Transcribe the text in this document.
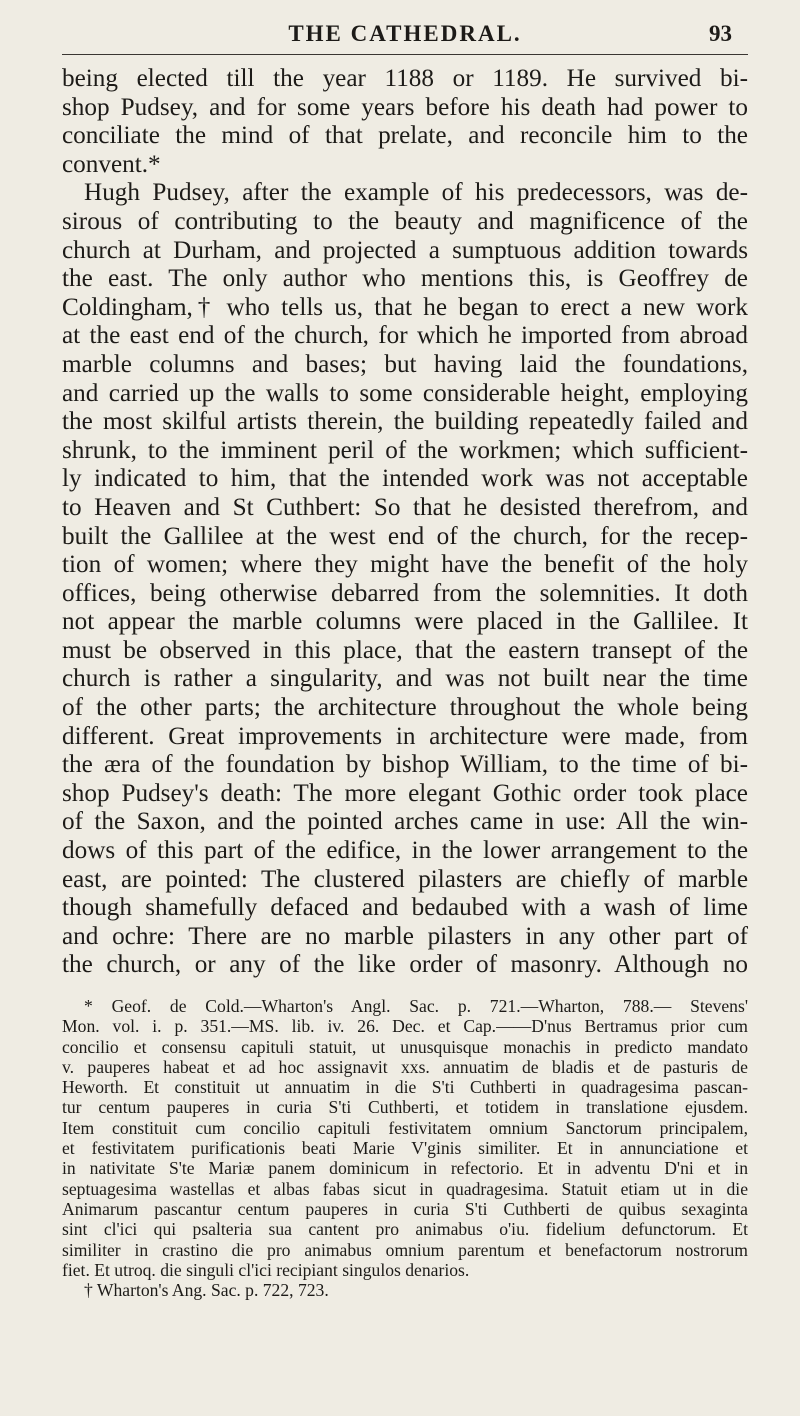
THE CATHEDRAL.	93
being elected till the year 1188 or 1189. He survived bi-
shop Pudsey, and for some years before his death had power to
conciliate the mind of that prelate, and reconcile him to the
convent.*
Hugh Pudsey, after the example of his predecessors, was de-
sirous of contributing to the beauty and magnificence of the
church at Durham, and projected a sumptuous addition towards
the east. The only author who mentions this, is Geoffrey de
Coldingham,† who tells us, that he began to erect a new work
at the east end of the church, for which he imported from abroad
marble columns and bases; but having laid the foundations,
and carried up the walls to some considerable height, employing
the most skilful artists therein, the building repeatedly failed and
shrunk, to the imminent peril of the workmen; which sufficient-
ly indicated to him, that the intended work was not acceptable
to Heaven and St Cuthbert: So that he desisted therefrom, and
built the Gallilee at the west end of the church, for the recep-
tion of women; where they might have the benefit of the holy
offices, being otherwise debarred from the solemnities. It doth
not appear the marble columns were placed in the Gallilee. It
must be observed in this place, that the eastern transept of the
church is rather a singularity, and was not built near the time
of the other parts; the architecture throughout the whole being
different. Great improvements in architecture were made, from
the æra of the foundation by bishop William, to the time of bi-
shop Pudsey's death: The more elegant Gothic order took place
of the Saxon, and the pointed arches came in use: All the win-
dows of this part of the edifice, in the lower arrangement to the
east, are pointed: The clustered pilasters are chiefly of marble
though shamefully defaced and bedaubed with a wash of lime
and ochre: There are no marble pilasters in any other part of
the church, or any of the like order of masonry. Although no
* Geof. de Cold.—Wharton's Angl. Sac. p. 721.—Wharton, 788.— Stevens'
Mon. vol. i. p. 351.—MS. lib. iv. 26. Dec. et Cap.——D'nus Bertramus prior cum
concilio et consensu capituli statuit, ut unusquisque monachis in predicto mandato
v. pauperes habeat et ad hoc assignavit xxs. annuatim de bladis et de pasturis de
Heworth. Et constituit ut annuatim in die S'ti Cuthberti in quadragesima pascan-
tur centum pauperes in curia S'ti Cuthberti, et totidem in translatione ejusdem.
Item constituit cum concilio capituli festivitatem omnium Sanctorum principalem,
et festivitatem purificationis beati Marie V'ginis similiter. Et in annunciatione et
in nativitate S'te Mariæ panem dominicum in refectorio. Et in adventu D'ni et in
septuagesima wastellas et albas fabas sicut in quadragesima. Statuit etiam ut in die
Animarum pascantur centum pauperes in curia S'ti Cuthberti de quibus sexaginta
sint cl'ici qui psalteria sua cantent pro animabus o'iu. fidelium defunctorum. Et
similiter in crastino die pro animabus omnium parentum et benefactorum nostrorum
fiet. Et utroq. die singuli cl'ici recipiant singulos denarios.
† Wharton's Ang. Sac. p. 722, 723.
